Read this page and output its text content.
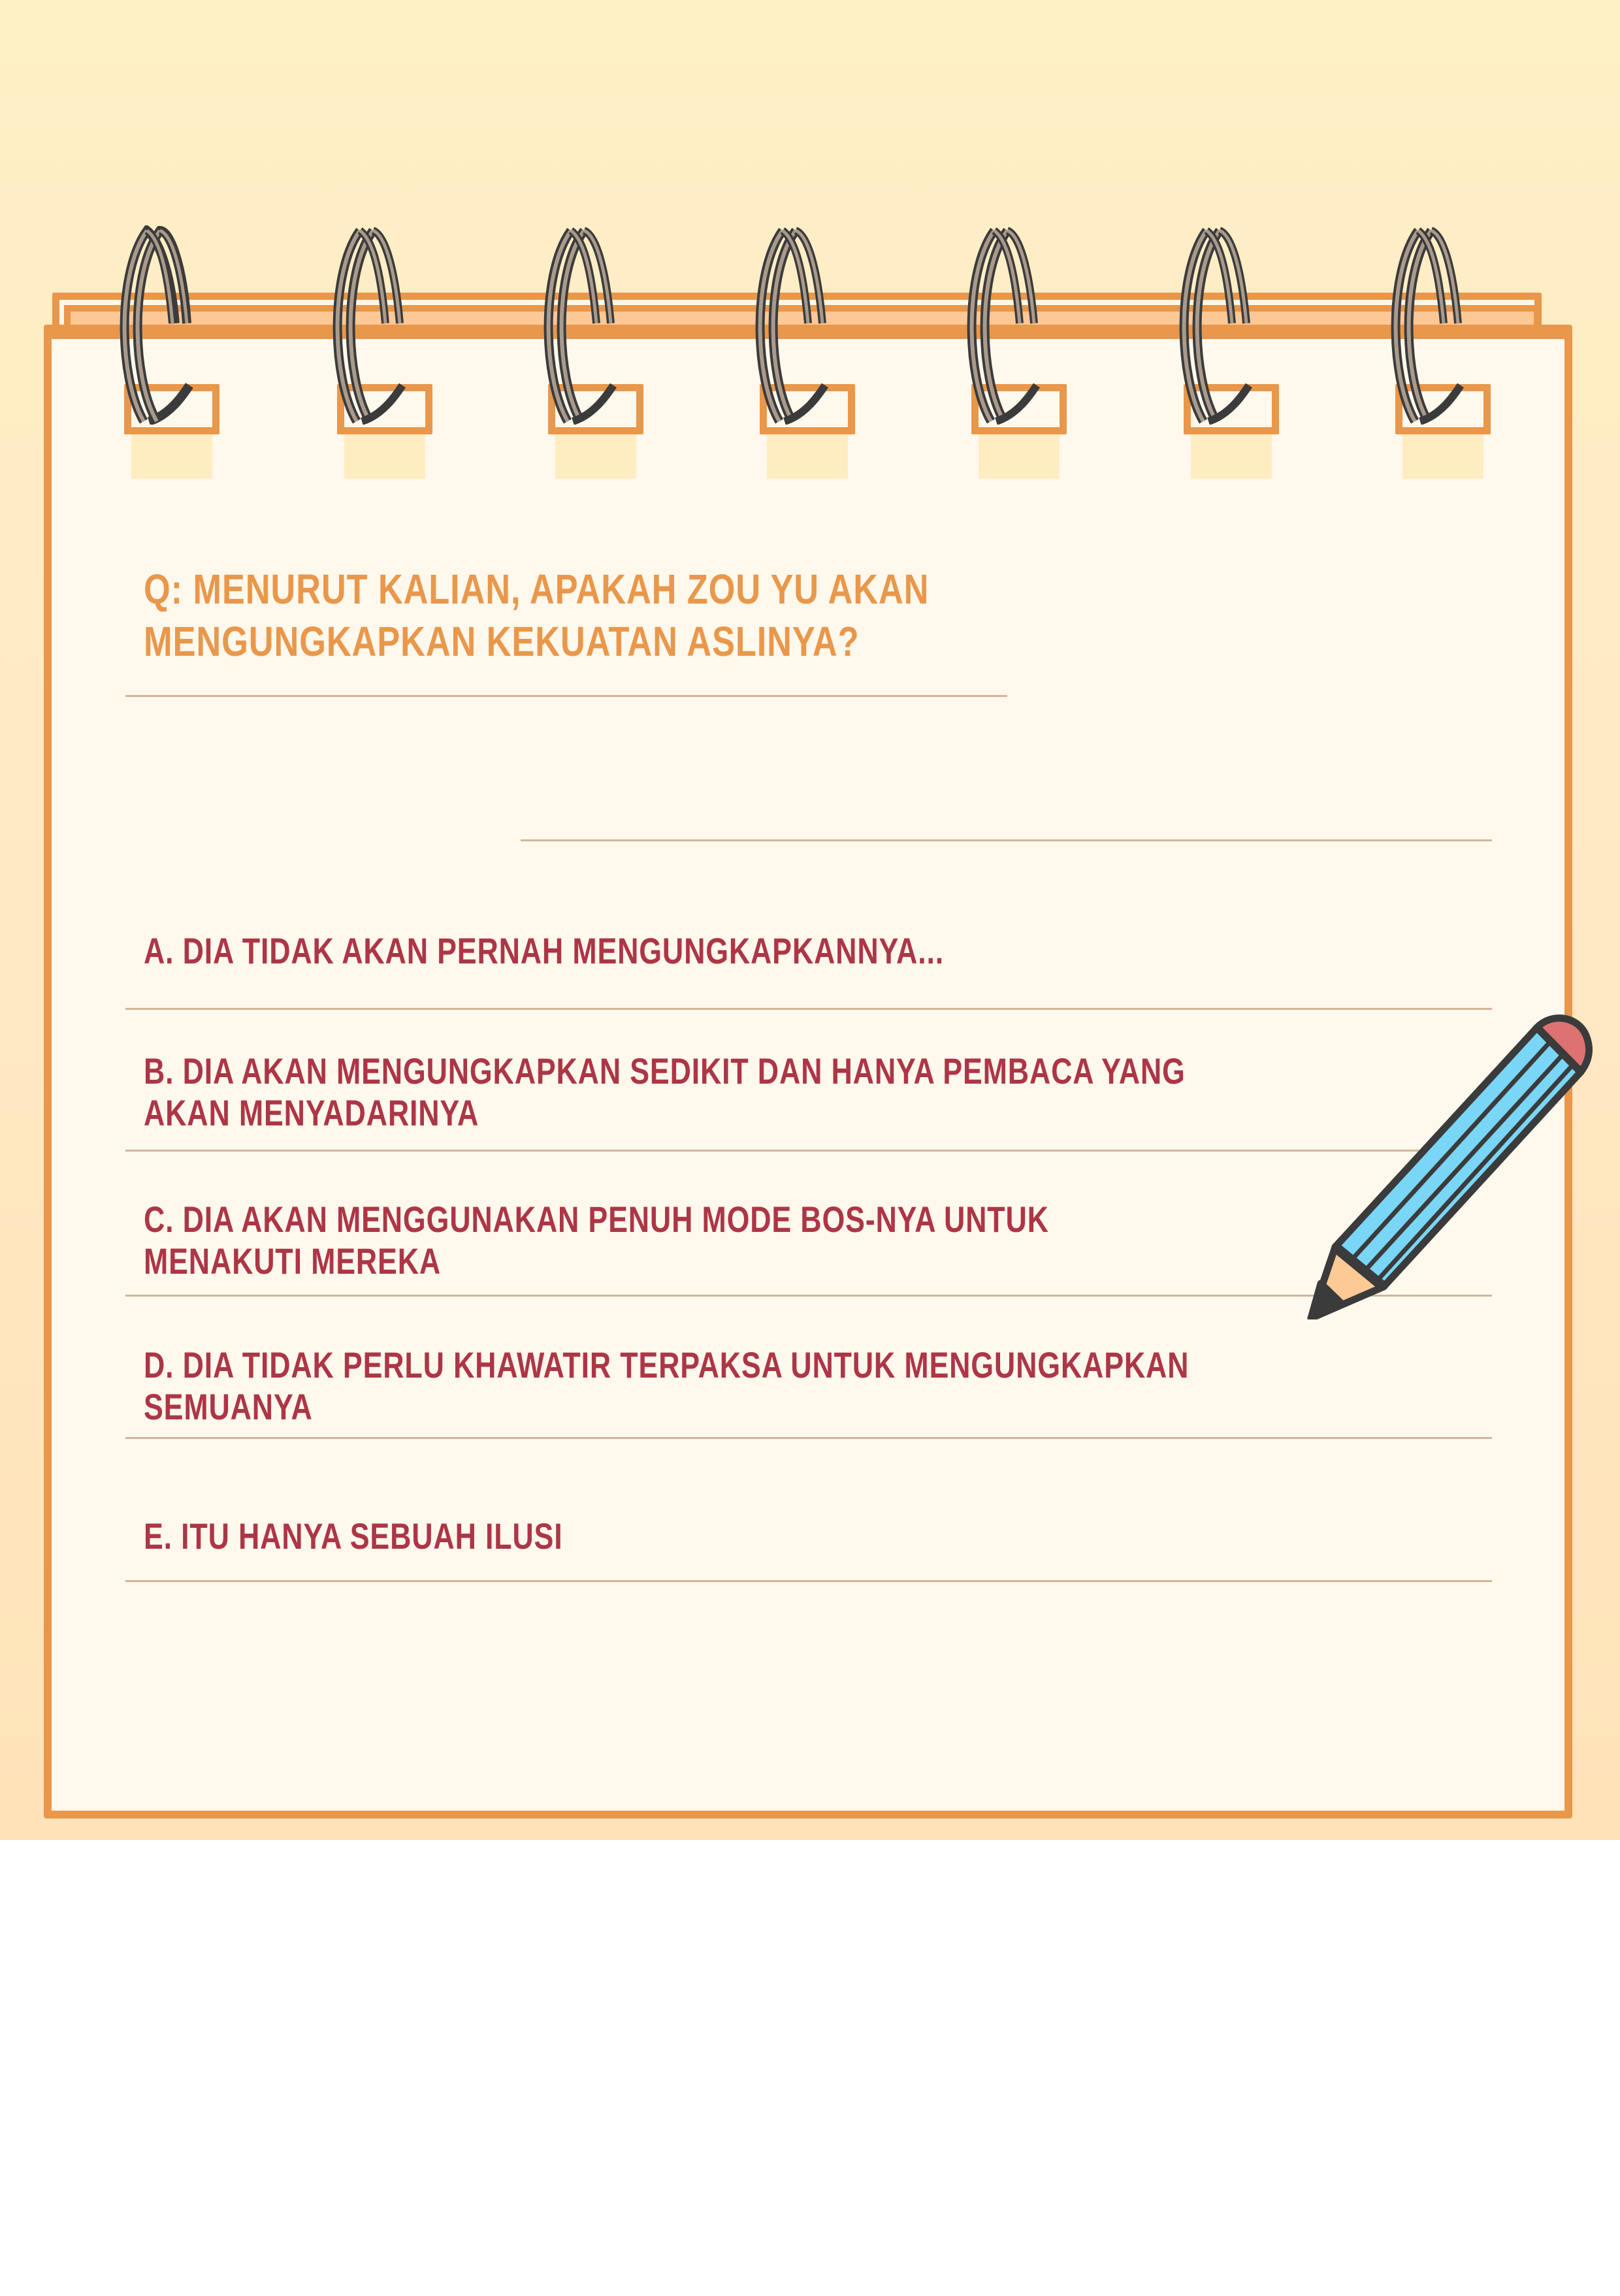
Q: MENURUT KALIAN, APAKAH ZOU YU AKAN
MENGUNGKAPKAN KEKUATAN ASLINYA?
A. DIA TIDAK AKAN PERNAH MENGUNGKAPKANNYA...
B. DIA AKAN MENGUNGKAPKAN SEDIKIT DAN HANYA PEMBACA YANG
AKAN MENYADARINYA
C. DIA AKAN MENGGUNAKAN PENUH MODE BOS-NYA UNTUK
MENAKUTI MEREKA
D. DIA TIDAK PERLU KHAWATIR TERPAKSA UNTUK MENGUNGKAPKAN
SEMUANYA
E. ITU HANYA SEBUAH ILUSI
